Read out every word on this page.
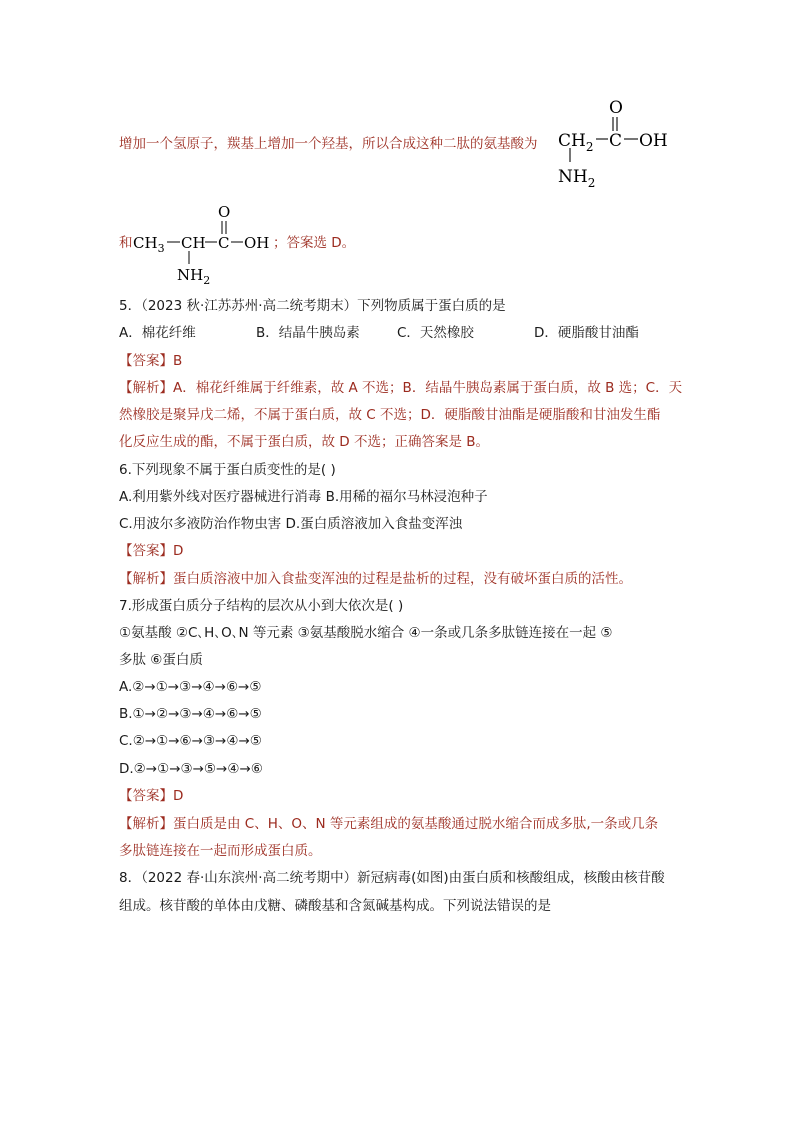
增加一个氢原子，羰基上增加一个羟基，所以合成这种二肽的氨基酸为 $CH_2$ C
O
OH
$NH_2$
和 $CH_3$ CH C
O
OH
$NH_2$
；答案选 D。
5．（2023 秋·江苏苏州·高二统考期末）下列物质属于蛋白质的是
A．棉花纤维	B．结晶牛胰岛素	C．天然橡胶	D．硬脂酸甘油酯
【答案】B
【解析】A．棉花纤维属于纤维素，故 A 不选；B．结晶牛胰岛素属于蛋白质，故 B 选；C．天
然橡胶是聚异戊二烯，不属于蛋白质，故 C 不选；D．硬脂酸甘油酯是硬脂酸和甘油发生酯
化反应生成的酯，不属于蛋白质，故 D 不选；正确答案是 B。
6.下列现象不属于蛋白质变性的是( )
A.利用紫外线对医疗器械进行消毒 B.用稀的福尔马林浸泡种子
C.用波尔多液防治作物虫害 D.蛋白质溶液加入食盐变浑浊
【答案】D
【解析】蛋白质溶液中加入食盐变浑浊的过程是盐析的过程，没有破坏蛋白质的活性。
7.形成蛋白质分子结构的层次从小到大依次是( )
①氨基酸 ②C､H､O､N 等元素 ③氨基酸脱水缩合 ④一条或几条多肽链连接在一起 ⑤
多肽 ⑥蛋白质
A.②→①→③→④→⑥→⑤
B.①→②→③→④→⑥→⑤
C.②→①→⑥→③→④→⑤
D.②→①→③→⑤→④→⑥
【答案】D
【解析】蛋白质是由 C、H、O、N 等元素组成的氨基酸通过脱水缩合而成多肽,一条或几条
多肽链连接在一起而形成蛋白质。
8．（2022 春·山东滨州·高二统考期中）新冠病毒(如图)由蛋白质和核酸组成，核酸由核苷酸
组成。核苷酸的单体由戊糖、磷酸基和含氮碱基构成。下列说法错误的是
